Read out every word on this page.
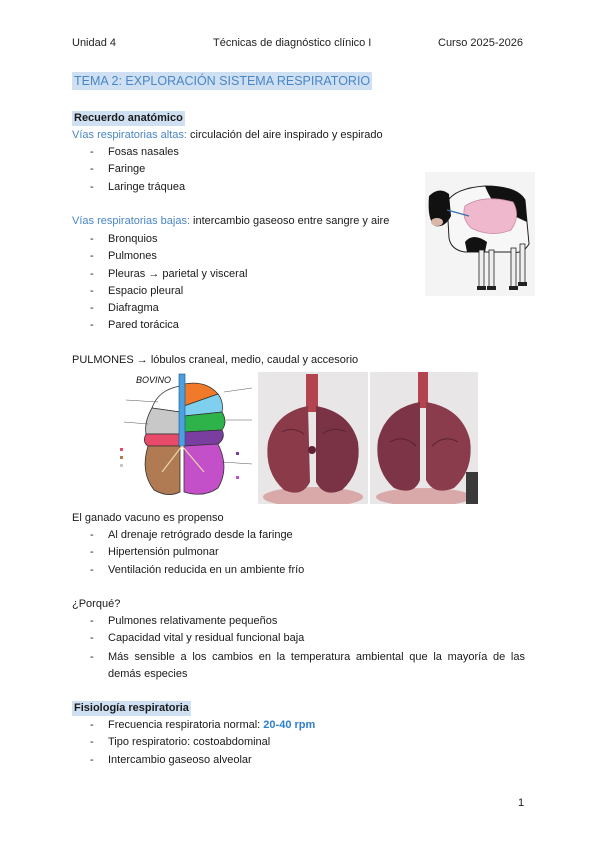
Unidad 4	Técnicas de diagnóstico clínico I	Curso 2025-2026
TEMA 2: EXPLORACIÓN SISTEMA RESPIRATORIO
Recuerdo anatómico
Vías respiratorias altas: circulación del aire inspirado y espirado
- Fosas nasales
- Faringe
- Laringe tráquea
Vías respiratorias bajas: intercambio gaseoso entre sangre y aire
- Bronquios
- Pulmones
- Pleuras → parietal y visceral
- Espacio pleural
- Diafragma
- Pared torácica
PULMONES → lóbulos craneal, medio, caudal y accesorio
BOVINO
El ganado vacuno es propenso
- Al drenaje retrógrado desde la faringe
- Hipertensión pulmonar
- Ventilación reducida en un ambiente frío
¿Porqué?
- Pulmones relativamente pequeños
- Capacidad vital y residual funcional baja
- Más sensible a los cambios en la temperatura ambiental que la mayoría de las demás especies
Fisiología respiratoria
- Frecuencia respiratoria normal: 20-40 rpm
- Tipo respiratorio: costoabdominal
- Intercambio gaseoso alveolar
1
